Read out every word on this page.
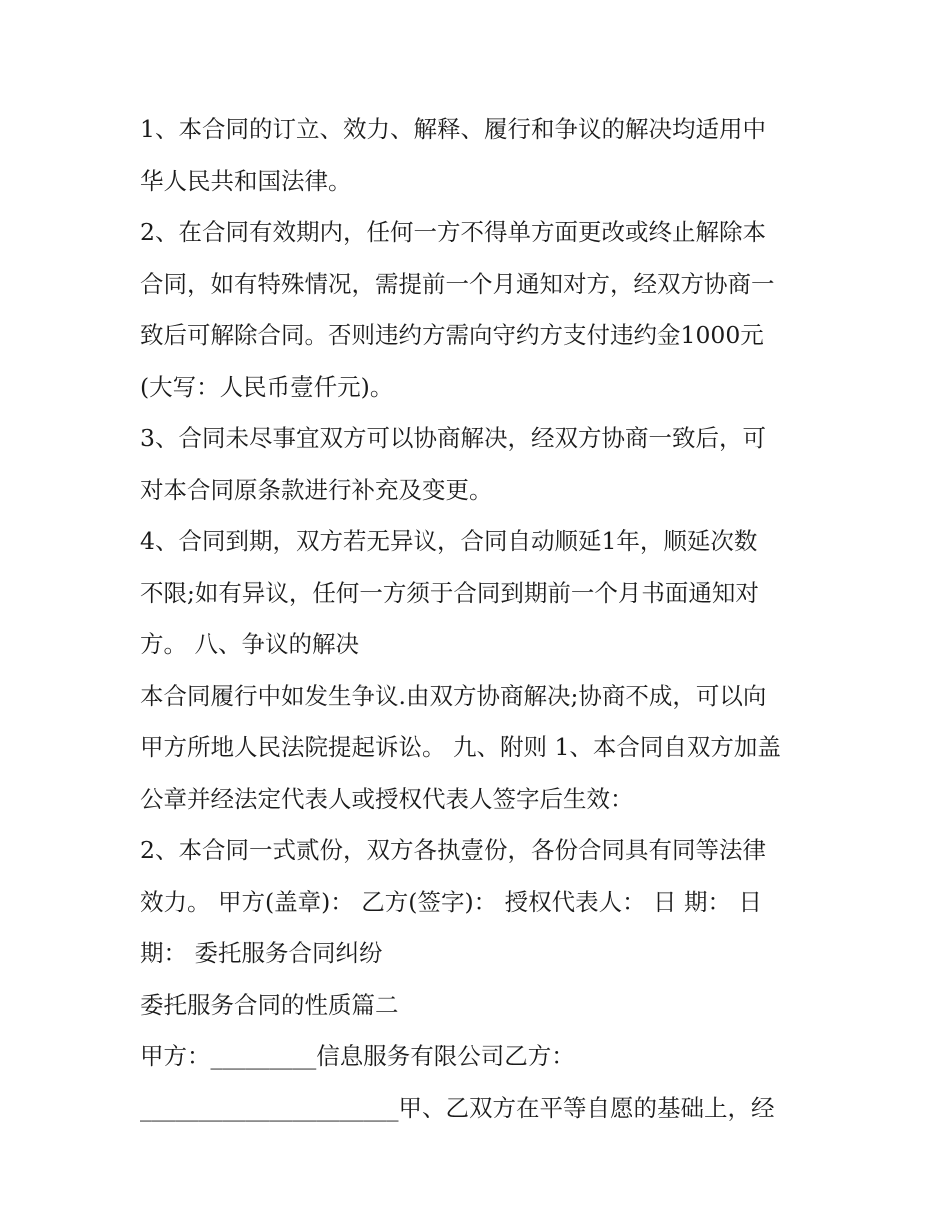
1、本合同的订立、效力、解释、履行和争议的解决均适用中

华人民共和国法律。

2、在合同有效期内，任何一方不得单方面更改或终止解除本

合同，如有特殊情况，需提前一个月通知对方，经双方协商一

致后可解除合同。否则违约方需向守约方支付违约金1000元

(大写：人民币壹仟元)。

3、合同未尽事宜双方可以协商解决，经双方协商一致后，可

对本合同原条款进行补充及变更。

4、合同到期，双方若无异议，合同自动顺延1年，顺延次数

不限;如有异议，任何一方须于合同到期前一个月书面通知对

方。 八、争议的解决

本合同履行中如发生争议.由双方协商解决;协商不成，可以向

甲方所地人民法院提起诉讼。 九、附则 1、本合同自双方加盖

公章并经法定代表人或授权代表人签字后生效：

2、本合同一式贰份，双方各执壹份，各份合同具有同等法律

效力。 甲方(盖章)： 乙方(签字)： 授权代表人： 日 期： 日

期： 委托服务合同纠纷

委托服务合同的性质篇二

甲方：_________信息服务有限公司乙方：

______________________甲、乙双方在平等自愿的基础上，经
